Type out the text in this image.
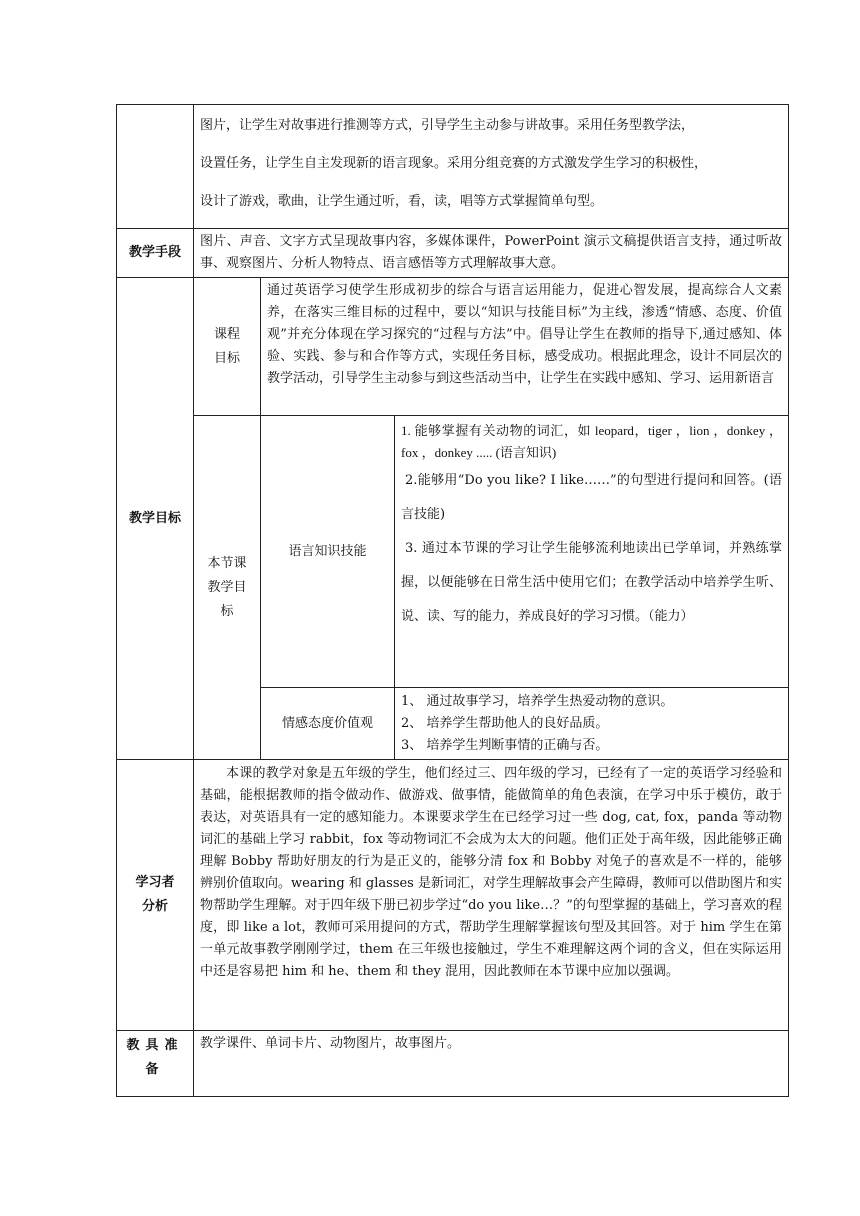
	图片，让学生对故事进行推测等方式，引导学生主动参与讲故事。采用任务型教学法，

设置任务，让学生自主发现新的语言现象。采用分组竞赛的方式激发学生学习的积极性，

设计了游戏，歌曲，让学生通过听，看，读，唱等方式掌握简单句型。		

教学手段	图片、声音、文字方式呈现故事内容，多媒体课件，PowerPoint 演示文稿提供语言支持，通过听故事、观察图片、分析人物特点、语言感悟等方式理解故事大意。		
教学目标	课程目标	通过英语学习使学生形成初步的综合与语言运用能力，促进心智发展，提高综合人文素养，在落实三维目标的过程中，要以“知识与技能目标”为主线，渗透“情感、态度、价值观”并充分体现在学习探究的“过程与方法”中。倡导让学生在教师的指导下,通过感知、体验、实践、参与和合作等方式，实现任务目标，感受成功。根据此理念，设计不同层次的教学活动，引导学生主动参与到这些活动当中，让学生在实践中感知、学习、运用新语言	
	本节课教学目标	语言知识技能	1. 能够掌握有关动物的词汇，如 leopard，tiger ，lion ，donkey ，fox ，donkey ..... (语言知识)

2.能够用“Do you like? I like……”的句型进行提问和回答。(语言技能)

3. 通过本节课的学习让学生能够流利地读出已学单词，并熟练掌握，以便能够在日常生活中使用它们；在教学活动中培养学生听、说、读、写的能力，养成良好的学习习惯。（能力）

		情感态度价值观	1、 通过故事学习，培养学生热爱动物的意识。

2、 培养学生帮助他人的良好品质。

3、 培养学生判断事情的正确与否。

学习者分析	本课的教学对象是五年级的学生，他们经过三、四年级的学习，已经有了一定的英语学习经验和基础，能根据教师的指令做动作、做游戏、做事情，能做简单的角色表演，在学习中乐于模仿，敢于表达，对英语具有一定的感知能力。本课要求学生在已经学习过一些 dog, cat, fox，panda 等动物词汇的基础上学习 rabbit，fox 等动物词汇不会成为太大的问题。他们正处于高年级，因此能够正确理解 Bobby 帮助好朋友的行为是正义的，能够分清 fox 和 Bobby 对兔子的喜欢是不一样的，能够辨别价值取向。wearing 和 glasses 是新词汇，对学生理解故事会产生障碍，教师可以借助图片和实物帮助学生理解。对于四年级下册已初步学过“do you like…？”的句型掌握的基础上，学习喜欢的程度，即 like a lot，教师可采用提问的方式，帮助学生理解掌握该句型及其回答。对于 him 学生在第一单元故事教学刚刚学过，them 在三年级也接触过，学生不难理解这两个词的含义，但在实际运用中还是容易把 him 和 he、them 和 they 混用，因此教师在本节课中应加以强调。		

教具准备	教学课件、单词卡片、动物图片，故事图片。		
